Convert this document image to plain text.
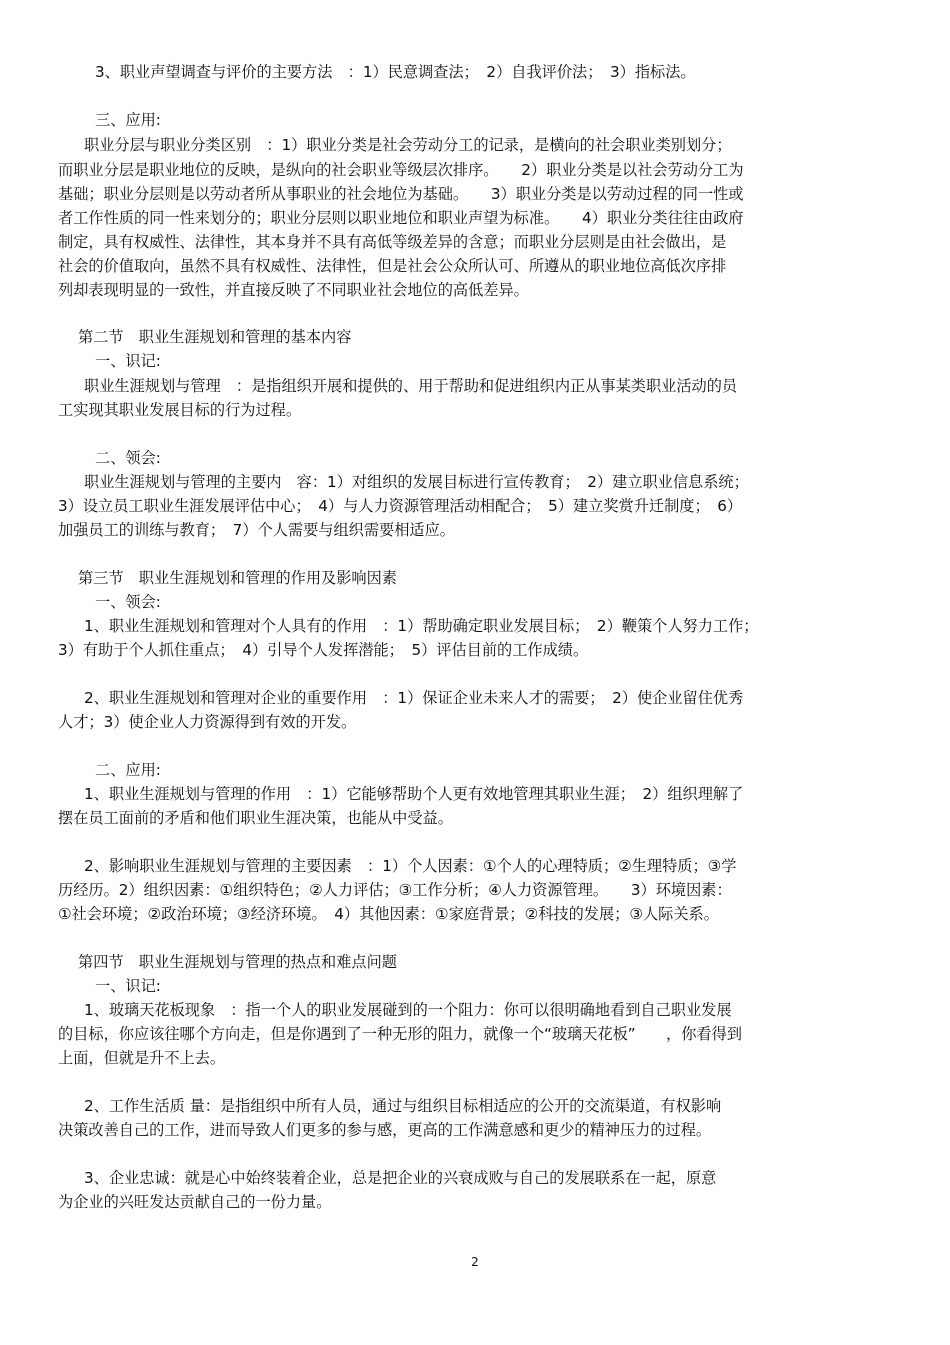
3、职业声望调查与评价的主要方法　：1）民意调查法；　2）自我评价法；　3）指标法。
三、应用:
职业分层与职业分类区别　：1）职业分类是社会劳动分工的记录，是横向的社会职业类别划分；
而职业分层是职业地位的反映，是纵向的社会职业等级层次排序。　　2）职业分类是以社会劳动分工为
基础；职业分层则是以劳动者所从事职业的社会地位为基础。　　3）职业分类是以劳动过程的同一性或
者工作性质的同一性来划分的；职业分层则以职业地位和职业声望为标准。　　4）职业分类往往由政府
制定，具有权威性、法律性，其本身并不具有高低等级差异的含意；而职业分层则是由社会做出，是
社会的价值取向，虽然不具有权威性、法律性，但是社会公众所认可、所遵从的职业地位高低次序排
列却表现明显的一致性，并直接反映了不同职业社会地位的高低差异。
第二节　职业生涯规划和管理的基本内容
一、识记:
职业生涯规划与管理　：是指组织开展和提供的、用于帮助和促进组织内正从事某类职业活动的员
工实现其职业发展目标的行为过程。
二、领会:
职业生涯规划与管理的主要内　容：1）对组织的发展目标进行宣传教育；　2）建立职业信息系统；
3）设立员工职业生涯发展评估中心；　4）与人力资源管理活动相配合；　5）建立奖赏升迁制度；　6）
加强员工的训练与教育；　7）个人需要与组织需要相适应。
第三节　职业生涯规划和管理的作用及影响因素
一、领会:
1、职业生涯规划和管理对个人具有的作用　：1）帮助确定职业发展目标；　2）鞭策个人努力工作；
3）有助于个人抓住重点；　4）引导个人发挥潜能；　5）评估目前的工作成绩。
2、职业生涯规划和管理对企业的重要作用　：1）保证企业未来人才的需要；　2）使企业留住优秀
人才；3）使企业人力资源得到有效的开发。
二、应用:
1、职业生涯规划与管理的作用　：1）它能够帮助个人更有效地管理其职业生涯；　2）组织理解了
摆在员工面前的矛盾和他们职业生涯决策，也能从中受益。
2、影响职业生涯规划与管理的主要因素　：1）个人因素：①个人的心理特质；②生理特质；③学
历经历。2）组织因素：①组织特色；②人力评估；③工作分析；④人力资源管理。　　3）环境因素：
①社会环境；②政治环境；③经济环境。　4）其他因素：①家庭背景；②科技的发展；③人际关系。
第四节　职业生涯规划与管理的热点和难点问题
一、识记:
1、玻璃天花板现象　：指一个人的职业发展碰到的一个阻力：你可以很明确地看到自己职业发展
的目标，你应该往哪个方向走，但是你遇到了一种无形的阻力，就像一个“玻璃天花板”　　，你看得到
上面，但就是升不上去。
2、工作生活质 量：是指组织中所有人员，通过与组织目标相适应的公开的交流渠道，有权影响
决策改善自己的工作，进而导致人们更多的参与感，更高的工作满意感和更少的精神压力的过程。
3、企业忠诚：就是心中始终装着企业，总是把企业的兴衰成败与自己的发展联系在一起，原意
为企业的兴旺发达贡献自己的一份力量。
2
